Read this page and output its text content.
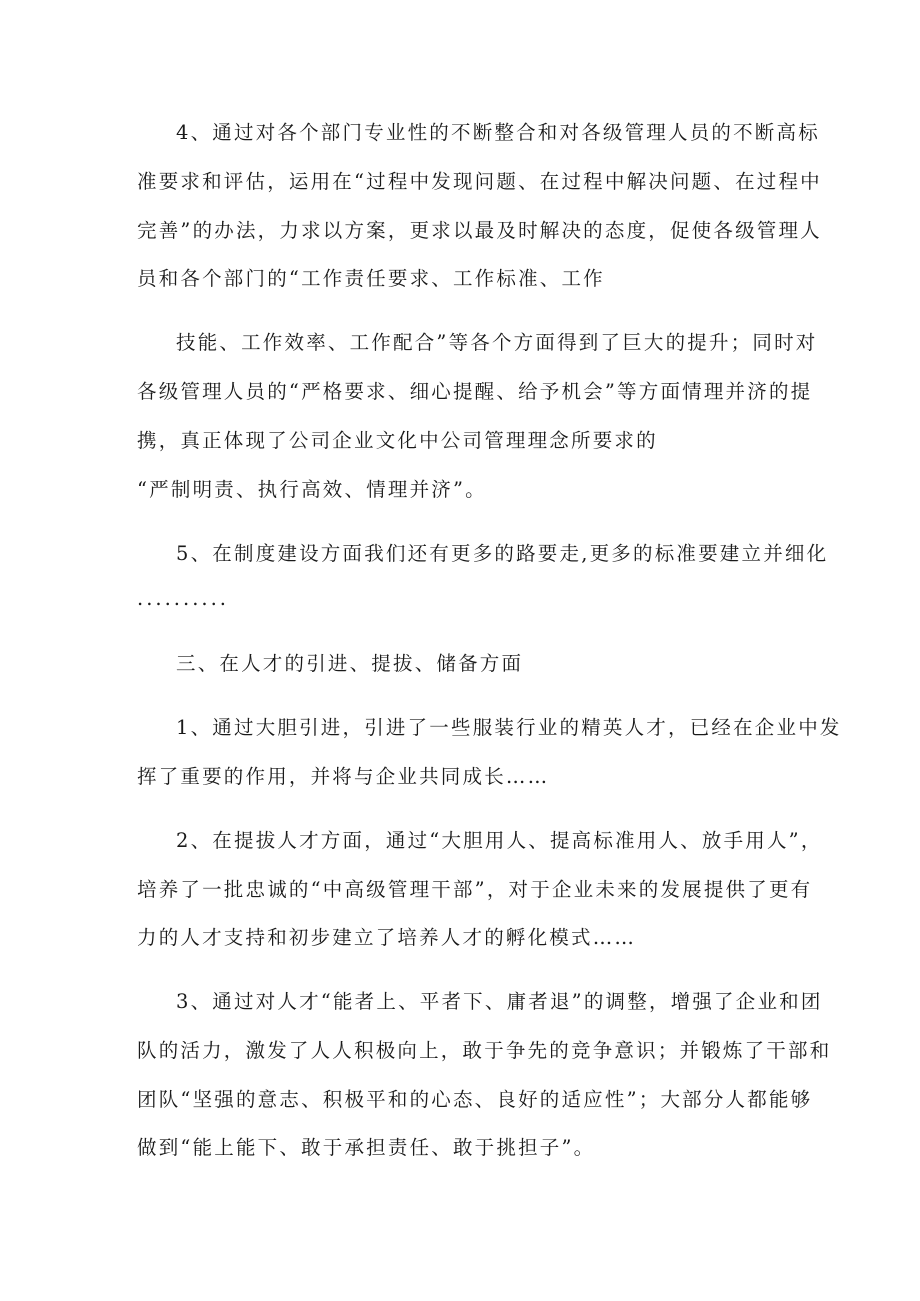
4、通过对各个部门专业性的不断整合和对各级管理人员的不断高标

准要求和评估，运用在“过程中发现问题、在过程中解决问题、在过程中

完善”的办法，力求以方案，更求以最及时解决的态度，促使各级管理人

员和各个部门的“工作责任要求、工作标准、工作

技能、工作效率、工作配合”等各个方面得到了巨大的提升；同时对

各级管理人员的“严格要求、细心提醒、给予机会”等方面情理并济的提

携，真正体现了公司企业文化中公司管理理念所要求的

“严制明责、执行高效、情理并济”。

5、在制度建设方面我们还有更多的路要走,更多的标准要建立并细化

..........

三、在人才的引进、提拔、储备方面

1、通过大胆引进，引进了一些服装行业的精英人才，已经在企业中发

挥了重要的作用，并将与企业共同成长……

2、在提拔人才方面，通过“大胆用人、提高标准用人、放手用人”，

培养了一批忠诚的“中高级管理干部”，对于企业未来的发展提供了更有

力的人才支持和初步建立了培养人才的孵化模式……

3、通过对人才“能者上、平者下、庸者退”的调整，增强了企业和团

队的活力，激发了人人积极向上，敢于争先的竞争意识；并锻炼了干部和

团队“坚强的意志、积极平和的心态、良好的适应性”；大部分人都能够

做到“能上能下、敢于承担责任、敢于挑担子”。
